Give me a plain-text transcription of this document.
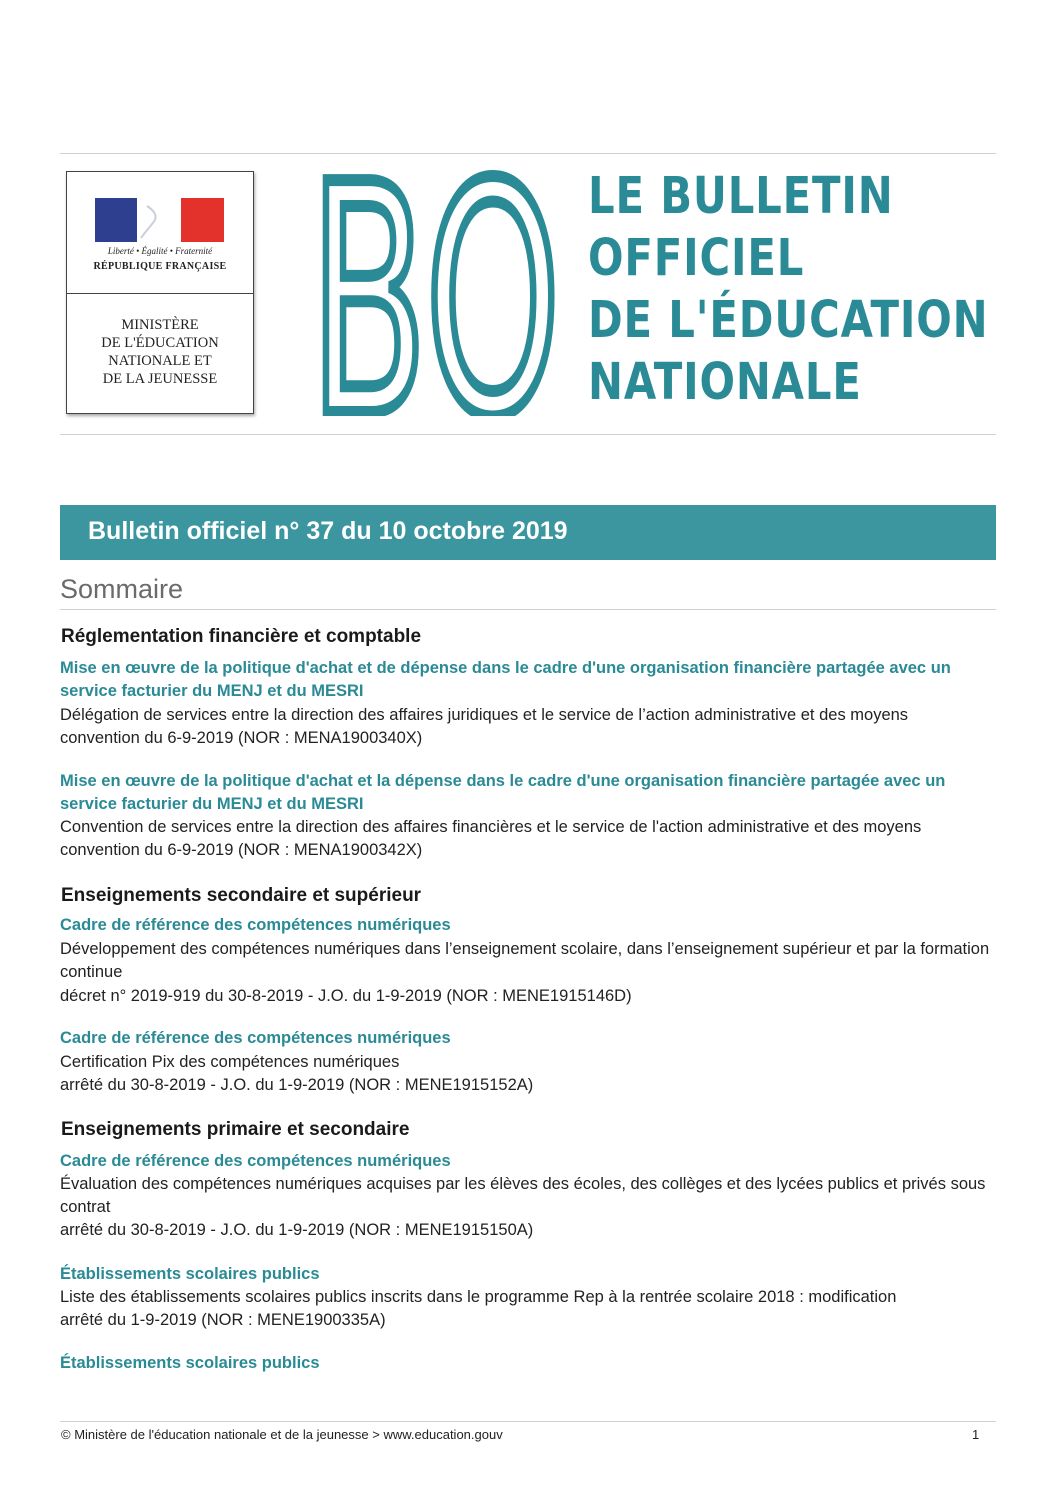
Liberté • Égalité • Fraternité
RÉPUBLIQUE FRANÇAISE
MINISTÈRE
DE L'ÉDUCATION
NATIONALE ET
DE LA JEUNESSE BO LE BULLETIN
OFFICIEL
DE L'ÉDUCATION
NATIONALE
Bulletin officiel n° 37 du 10 octobre 2019
Sommaire
Réglementation financière et comptable
Mise en œuvre de la politique d'achat et de dépense dans le cadre d'une organisation financière partagée avec un service facturier du MENJ et du MESRI
Délégation de services entre la direction des affaires juridiques et le service de l’action administrative et des moyens
convention du 6-9-2019 (NOR : MENA1900340X)
Mise en œuvre de la politique d'achat et la dépense dans le cadre d'une organisation financière partagée avec un service facturier du MENJ et du MESRI
Convention de services entre la direction des affaires financières et le service de l'action administrative et des moyens
convention du 6-9-2019 (NOR : MENA1900342X)
Enseignements secondaire et supérieur
Cadre de référence des compétences numériques
Développement des compétences numériques dans l’enseignement scolaire, dans l’enseignement supérieur et par la formation continue
décret n° 2019-919 du 30-8-2019 - J.O. du 1-9-2019 (NOR : MENE1915146D)
Cadre de référence des compétences numériques
Certification Pix des compétences numériques
arrêté du 30-8-2019 - J.O. du 1-9-2019 (NOR : MENE1915152A)
Enseignements primaire et secondaire
Cadre de référence des compétences numériques
Évaluation des compétences numériques acquises par les élèves des écoles, des collèges et des lycées publics et privés sous contrat
arrêté du 30-8-2019 - J.O. du 1-9-2019 (NOR : MENE1915150A)
Établissements scolaires publics
Liste des établissements scolaires publics inscrits dans le programme Rep à la rentrée scolaire 2018 : modification
arrêté du 1-9-2019 (NOR : MENE1900335A)
Établissements scolaires publics
© Ministère de l'éducation nationale et de la jeunesse > www.education.gouv	1
